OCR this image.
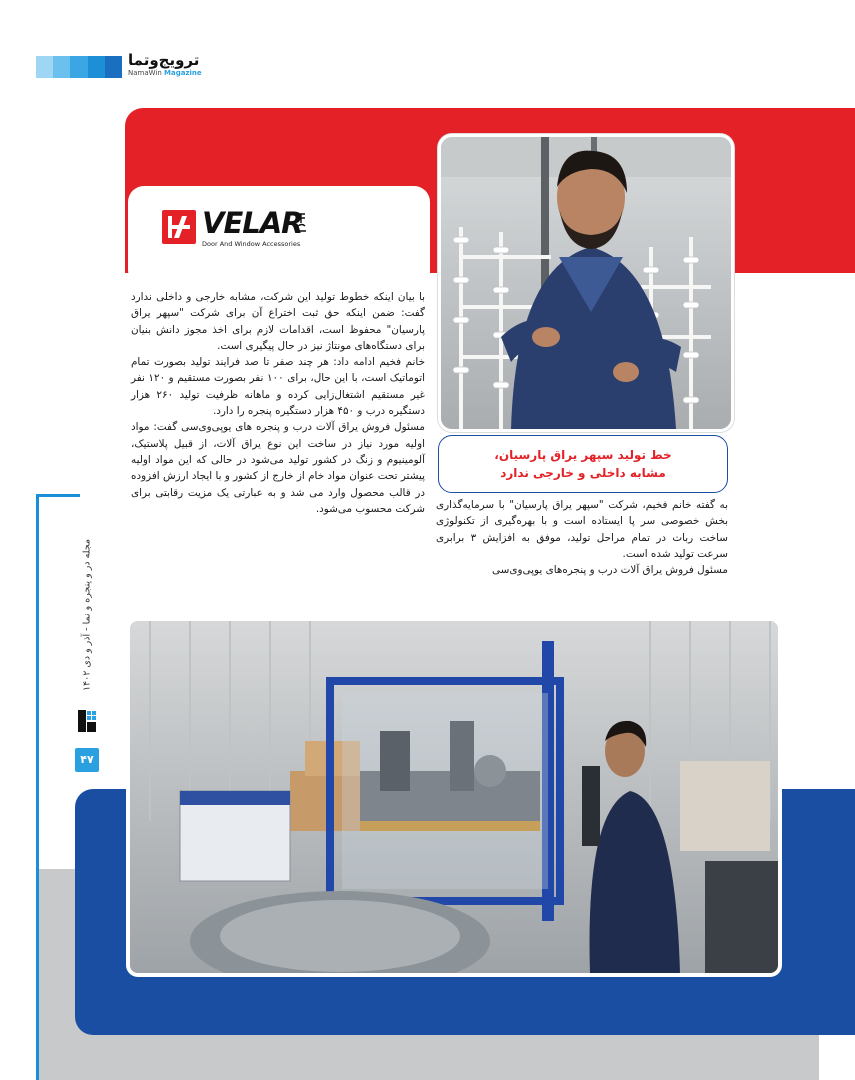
ترویج‌وتما
NamaWin Magazine
VELAR
Door And Window Accessories

خط تولید سپهر یراق پارسیان،
مشابه داخلی و خارجی ندارد

با بیان اینکه خطوط تولید این شرکت، مشابه خارجی و داخلی ندارد گفت: ضمن اینکه حق ثبت اختراع آن برای شرکت "سپهر یراق پارسیان" محفوظ است، اقدامات لازم برای اخذ مجوز دانش بنیان برای دستگاه‌های مونتاژ نیز در حال پیگیری است.

خانم فخیم ادامه داد: هر چند صفر تا صد فرایند تولید بصورت تمام اتوماتیک است، با این حال، برای ۱۰۰ نفر بصورت مستقیم و ۱۲۰ نفر غیر مستقیم اشتغال‌زایی کرده و ماهانه ظرفیت تولید ۲۶۰ هزار دستگیره درب و ۴۵۰ هزار دستگیره پنجره را دارد.

مسئول فروش یراق آلات درب و پنجره های یوپی‌وی‌سی گفت: مواد اولیه مورد نیاز در ساخت این نوع یراق آلات، از قبیل پلاستیک، آلومینیوم و زنگ در کشور تولید می‌شود در حالی که این مواد اولیه پیشتر تحت عنوان مواد خام از خارج از کشور و با ایجاد ارزش افزوده در قالب محصول وارد می شد و به عبارتی یک مزیت رقابتی برای شرکت محسوب می‌شود. به گفته خانم فخیم، شرکت "سپهر یراق پارسیان" با سرمایه‌گذاری بخش خصوصی سر پا ایستاده است و با بهره‌گیری از تکنولوژی ساخت ربات در تمام مراحل تولید، موفق به افزایش ۳ برابری سرعت تولید شده است.

مسئول فروش یراق آلات درب و پنجره‌های یوپی‌وی‌سی

مجله در و پنجره و نما - آذر و دی ۱۴۰۲
۴۷
